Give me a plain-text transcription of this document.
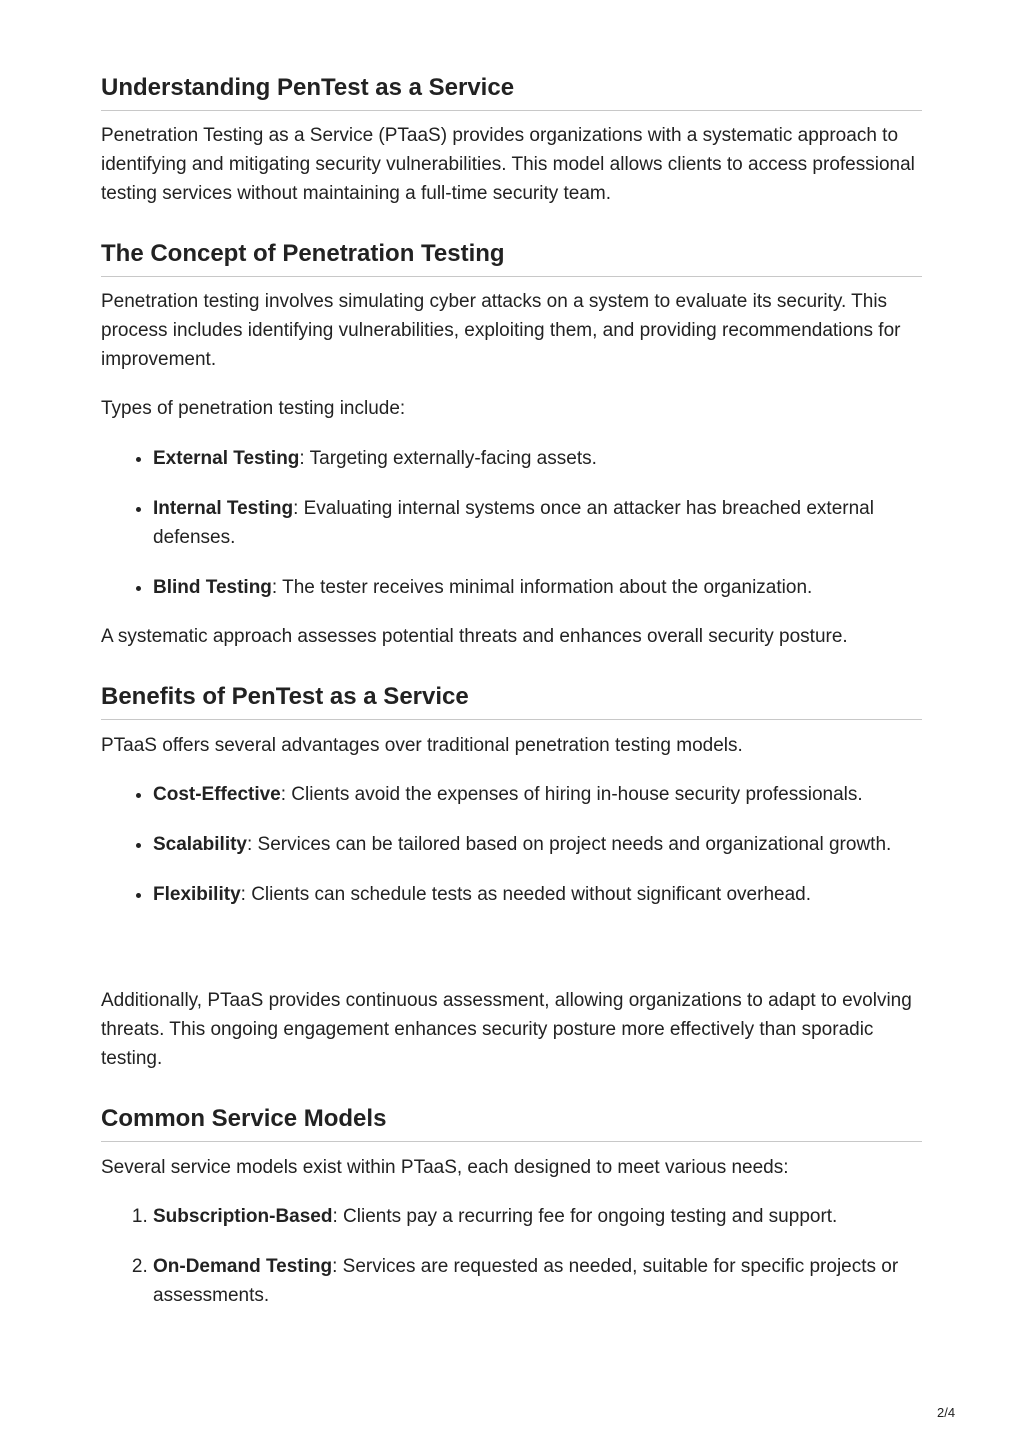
Understanding PenTest as a Service

Penetration Testing as a Service (PTaaS) provides organizations with a systematic approach to identifying and mitigating security vulnerabilities. This model allows clients to access professional testing services without maintaining a full-time security team.

The Concept of Penetration Testing

Penetration testing involves simulating cyber attacks on a system to evaluate its security. This process includes identifying vulnerabilities, exploiting them, and providing recommendations for improvement.

Types of penetration testing include:

• External Testing: Targeting externally-facing assets.
• Internal Testing: Evaluating internal systems once an attacker has breached external defenses.
• Blind Testing: The tester receives minimal information about the organization.

A systematic approach assesses potential threats and enhances overall security posture.

Benefits of PenTest as a Service

PTaaS offers several advantages over traditional penetration testing models.

• Cost-Effective: Clients avoid the expenses of hiring in-house security professionals.
• Scalability: Services can be tailored based on project needs and organizational growth.
• Flexibility: Clients can schedule tests as needed without significant overhead.

Additionally, PTaaS provides continuous assessment, allowing organizations to adapt to evolving threats. This ongoing engagement enhances security posture more effectively than sporadic testing.

Common Service Models

Several service models exist within PTaaS, each designed to meet various needs:

1. Subscription-Based: Clients pay a recurring fee for ongoing testing and support.
2. On-Demand Testing: Services are requested as needed, suitable for specific projects or assessments.
2/4
